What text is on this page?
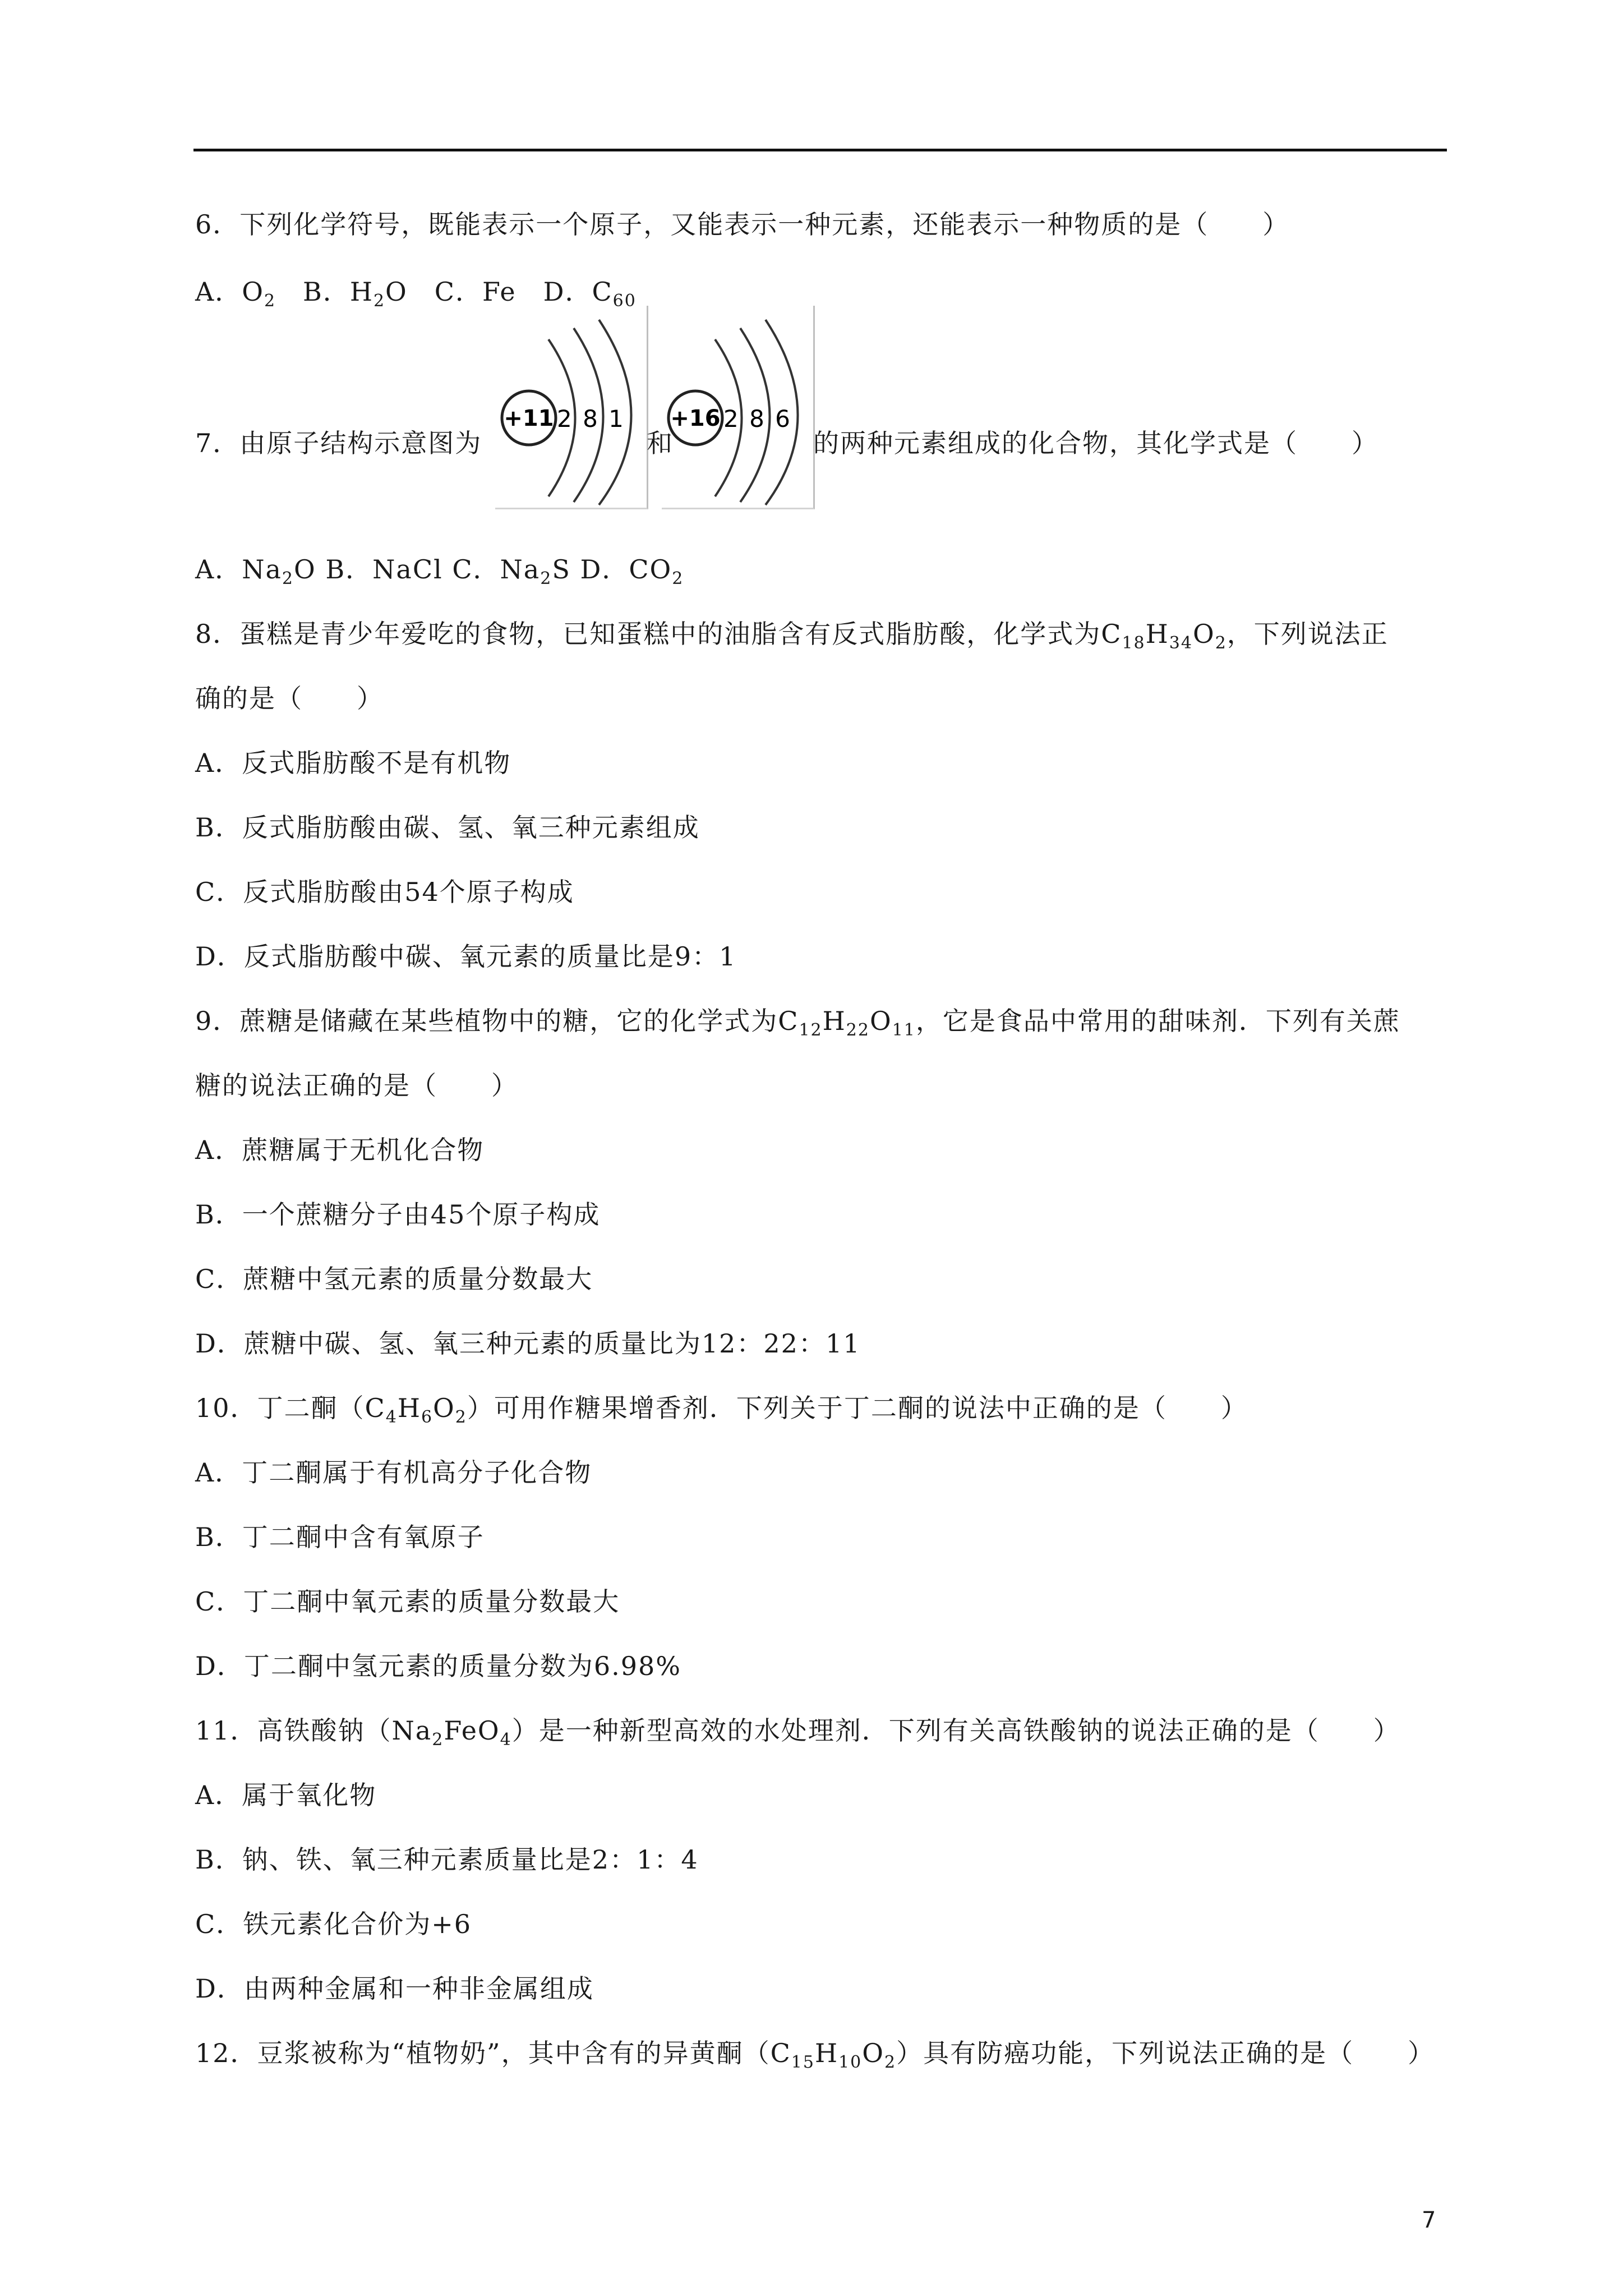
6．下列化学符号，既能表示一个原子，又能表示一种元素，还能表示一种物质的是（　　）
A．$O_2$　B．$H_2O$　C．Fe　D．$C_{60}$
7．由原子结构示意图为
+11 2 8 1
和
+16 2 8 6
的两种元素组成的化合物，其化学式是（　　）
A．$Na_2O$ B．NaCl C．$Na_2S$ D．$CO_2$
8．蛋糕是青少年爱吃的食物，已知蛋糕中的油脂含有反式脂肪酸，化学式为$C_{18}H_{34}O_2$，下列说法正
确的是（　　）
A．反式脂肪酸不是有机物
B．反式脂肪酸由碳、氢、氧三种元素组成
C．反式脂肪酸由54个原子构成
D．反式脂肪酸中碳、氧元素的质量比是9：1
9．蔗糖是储藏在某些植物中的糖，它的化学式为$C_{12}H_{22}O_{11}$，它是食品中常用的甜味剂．下列有关蔗
糖的说法正确的是（　　）
A．蔗糖属于无机化合物
B．一个蔗糖分子由45个原子构成
C．蔗糖中氢元素的质量分数最大
D．蔗糖中碳、氢、氧三种元素的质量比为12：22：11
10．丁二酮$(C_4H_6O_2)$可用作糖果增香剂．下列关于丁二酮的说法中正确的是（　　）
A．丁二酮属于有机高分子化合物
B．丁二酮中含有氧原子
C．丁二酮中氧元素的质量分数最大
D．丁二酮中氢元素的质量分数为6.98%
11．高铁酸钠$(Na_2FeO_4)$是一种新型高效的水处理剂．下列有关高铁酸钠的说法正确的是（　　）
A．属于氧化物
B．钠、铁、氧三种元素质量比是2：1：4
C．铁元素化合价为+6
D．由两种金属和一种非金属组成
12．豆浆被称为“植物奶”，其中含有的异黄酮$(C_{15}H_{10}O_2)$具有防癌功能，下列说法正确的是（　　）
7
